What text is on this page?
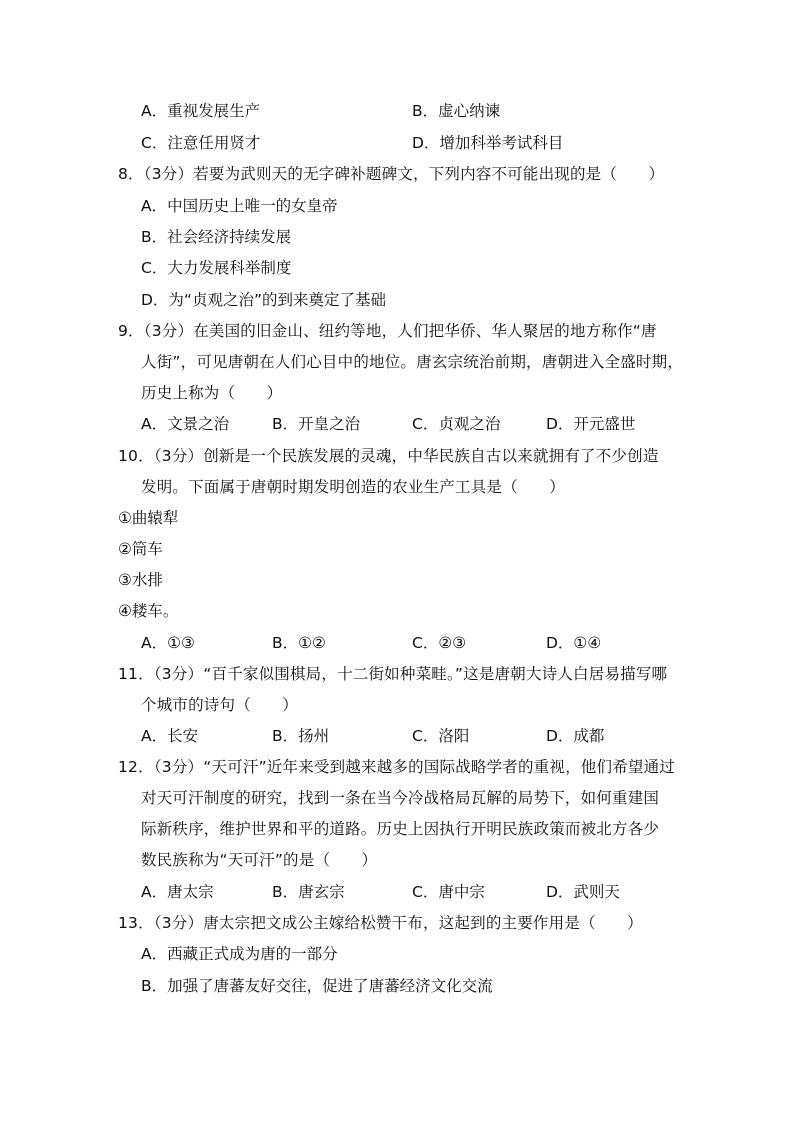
A．重视发展生产	B．虚心纳谏
C．注意任用贤才	D．增加科举考试科目
8．（3分）若要为武则天的无字碑补题碑文，下列内容不可能出现的是（　　）
A．中国历史上唯一的女皇帝
B．社会经济持续发展
C．大力发展科举制度
D．为“贞观之治”的到来奠定了基础
9．（3分）在美国的旧金山、纽约等地，人们把华侨、华人聚居的地方称作“唐
人街”，可见唐朝在人们心目中的地位。唐玄宗统治前期，唐朝进入全盛时期，
历史上称为（　　）
A．文景之治	B．开皇之治	C．贞观之治	D．开元盛世
10．（3分）创新是一个民族发展的灵魂，中华民族自古以来就拥有了不少创造
发明。下面属于唐朝时期发明创造的农业生产工具是（　　）
①曲辕犁
②筒车
③水排
④耧车。
A．①③	B．①②	C．②③	D．①④
11．（3分）“百千家似围棋局，十二街如种菜畦。”这是唐朝大诗人白居易描写哪
个城市的诗句（　　）
A．长安	B．扬州	C．洛阳	D．成都
12．（3分）“天可汗”近年来受到越来越多的国际战略学者的重视，他们希望通过
对天可汗制度的研究，找到一条在当今冷战格局瓦解的局势下，如何重建国
际新秩序，维护世界和平的道路。历史上因执行开明民族政策而被北方各少
数民族称为“天可汗”的是（　　）
A．唐太宗	B．唐玄宗	C．唐中宗	D．武则天
13．（3分）唐太宗把文成公主嫁给松赞干布，这起到的主要作用是（　　）
A．西藏正式成为唐的一部分
B．加强了唐蕃友好交往，促进了唐蕃经济文化交流
